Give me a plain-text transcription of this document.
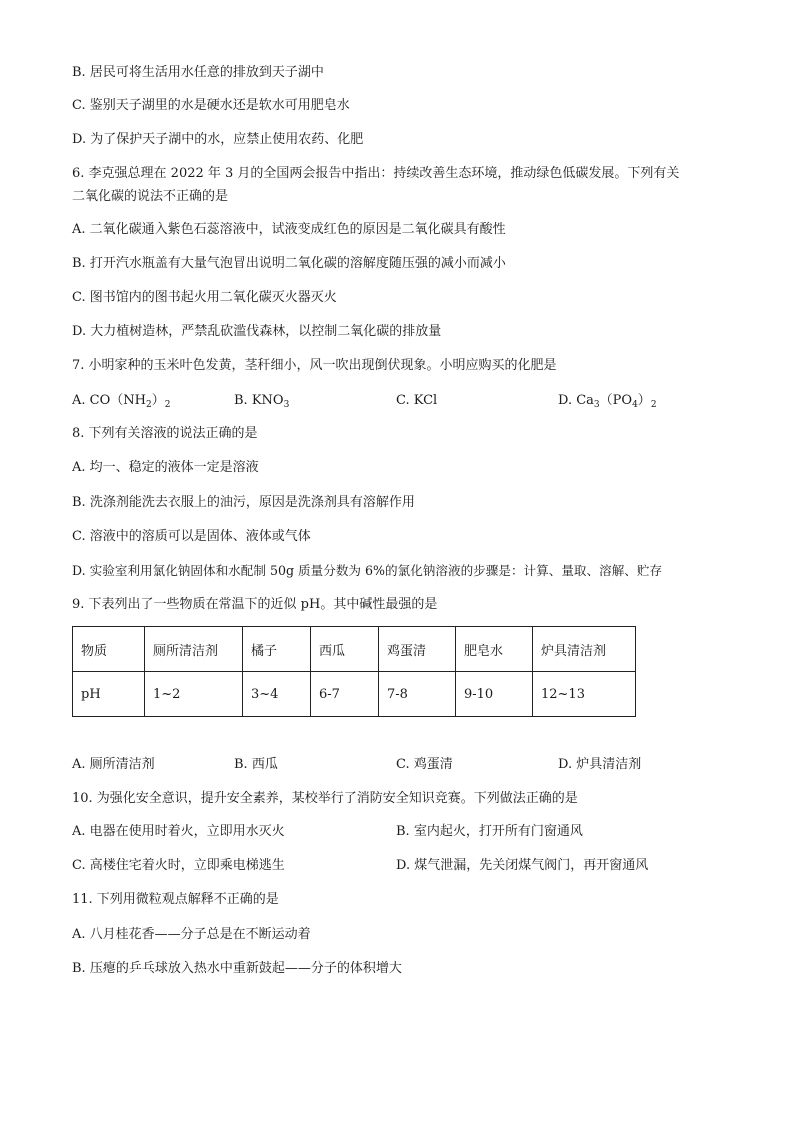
B. 居民可将生活用水任意的排放到天子湖中
C. 鉴别天子湖里的水是硬水还是软水可用肥皂水
D. 为了保护天子湖中的水，应禁止使用农药、化肥
6. 李克强总理在 2022 年 3 月的全国两会报告中指出：持续改善生态环境，推动绿色低碳发展。下列有关
二氧化碳的说法不正确的是
A. 二氧化碳通入紫色石蕊溶液中，试液变成红色的原因是二氧化碳具有酸性
B. 打开汽水瓶盖有大量气泡冒出说明二氧化碳的溶解度随压强的减小而减小
C. 图书馆内的图书起火用二氧化碳灭火器灭火
D. 大力植树造林，严禁乱砍滥伐森林，以控制二氧化碳的排放量
7. 小明家种的玉米叶色发黄，茎秆细小，风一吹出现倒伏现象。小明应购买的化肥是
A. $CO(NH_2)_2$	B. $KNO_3$	C. KCl	D. $Ca_3(PO_4)_2$
8. 下列有关溶液的说法正确的是
A. 均一、稳定的液体一定是溶液
B. 洗涤剂能洗去衣服上的油污，原因是洗涤剂具有溶解作用
C. 溶液中的溶质可以是固体、液体或气体
D. 实验室利用氯化钠固体和水配制 50g 质量分数为 6%的氯化钠溶液的步骤是：计算、量取、溶解、贮存
9. 下表列出了一些物质在常温下的近似 pH。其中碱性最强的是
物质	厕所清洁剂	橘子	西瓜	鸡蛋清	肥皂水	炉具清洁剂
pH	1~2	3~4	6-7	7-8	9-10	12~13
A. 厕所清洁剂	B. 西瓜	C. 鸡蛋清	D. 炉具清洁剂
10. 为强化安全意识，提升安全素养，某校举行了消防安全知识竞赛。下列做法正确的是
A. 电器在使用时着火，立即用水灭火	B. 室内起火，打开所有门窗通风
C. 高楼住宅着火时，立即乘电梯逃生	D. 煤气泄漏，先关闭煤气阀门，再开窗通风
11. 下列用微粒观点解释不正确的是
A. 八月桂花香——分子总是在不断运动着
B. 压瘪的乒乓球放入热水中重新鼓起——分子的体积增大
